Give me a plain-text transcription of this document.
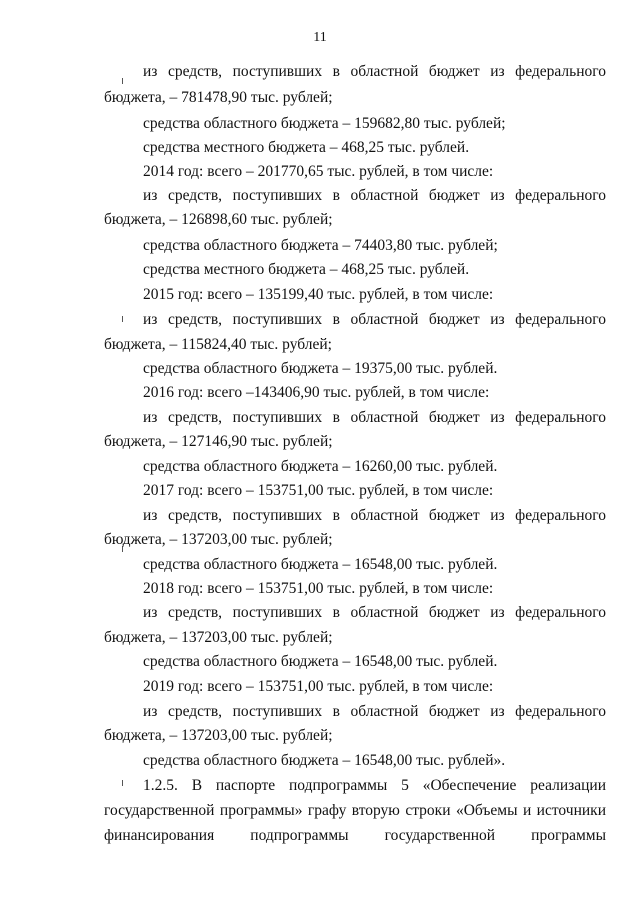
11
из средств, поступивших в областной бюджет из федерального
бюджета, – 781478,90 тыс. рублей;
средства областного бюджета – 159682,80 тыс. рублей;
средства местного бюджета – 468,25 тыс. рублей.
2014 год: всего – 201770,65 тыс. рублей, в том числе:
из средств, поступивших в областной бюджет из федерального
бюджета, – 126898,60 тыс. рублей;
средства областного бюджета – 74403,80 тыс. рублей;
средства местного бюджета – 468,25 тыс. рублей.
2015 год: всего – 135199,40 тыс. рублей, в том числе:
из средств, поступивших в областной бюджет из федерального
бюджета, – 115824,40 тыс. рублей;
средства областного бюджета – 19375,00 тыс. рублей.
2016 год: всего –143406,90 тыс. рублей, в том числе:
из средств, поступивших в областной бюджет из федерального
бюджета, – 127146,90 тыс. рублей;
средства областного бюджета – 16260,00 тыс. рублей.
2017 год: всего – 153751,00 тыс. рублей, в том числе:
из средств, поступивших в областной бюджет из федерального
бюджета, – 137203,00 тыс. рублей;
средства областного бюджета – 16548,00 тыс. рублей.
2018 год: всего – 153751,00 тыс. рублей, в том числе:
из средств, поступивших в областной бюджет из федерального
бюджета, – 137203,00 тыс. рублей;
средства областного бюджета – 16548,00 тыс. рублей.
2019 год: всего – 153751,00 тыс. рублей, в том числе:
из средств, поступивших в областной бюджет из федерального
бюджета, – 137203,00 тыс. рублей;
средства областного бюджета – 16548,00 тыс. рублей».
1.2.5. В паспорте подпрограммы 5 «Обеспечение реализации
государственной программы» графу вторую строки «Объемы и источники
финансирования подпрограммы государственной программы
